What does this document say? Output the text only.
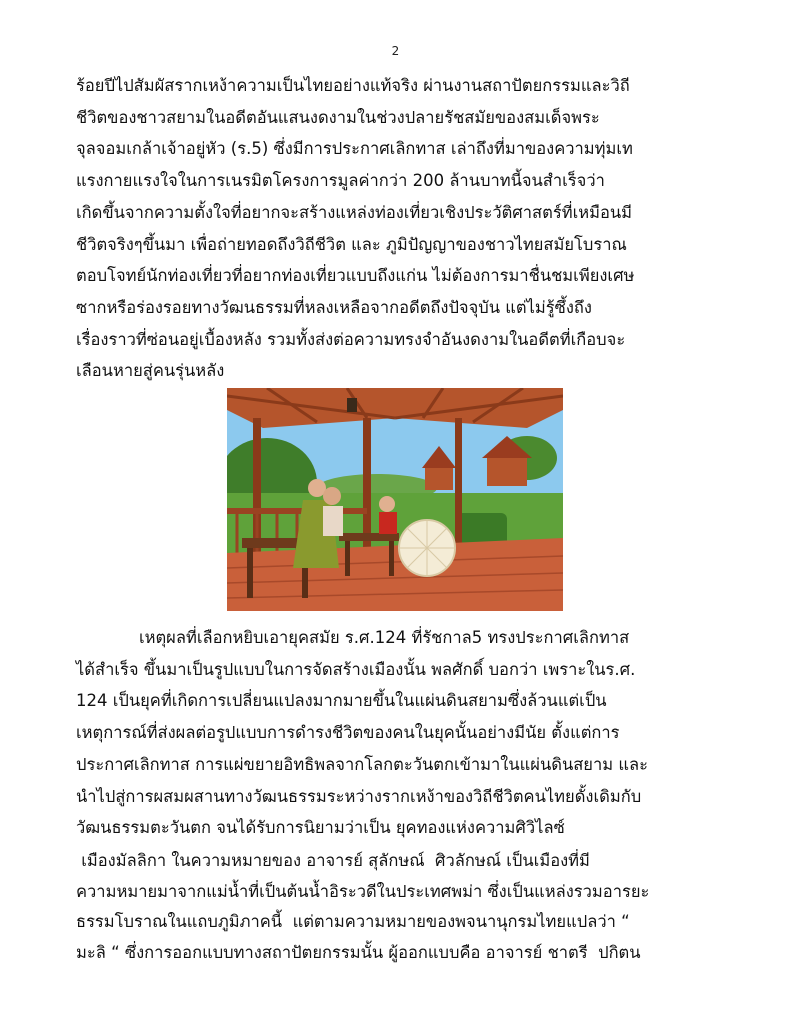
2
ร้อยปีไปสัมผัสรากเหง้าความเป็นไทยอย่างแท้จริง ผ่านงานสถาปัตยกรรมและวิถี
ชีวิตของชาวสยามในอดีตอันแสนงดงามในช่วงปลายรัชสมัยของสมเด็จพระ
จุลจอมเกล้าเจ้าอยู่หัว (ร.5) ซึ่งมีการประกาศเลิกทาส เล่าถึงที่มาของความทุ่มเท
แรงกายแรงใจในการเนรมิตโครงการมูลค่ากว่า 200 ล้านบาทนี้จนสำเร็จว่า
เกิดขึ้นจากความตั้งใจที่อยากจะสร้างแหล่งท่องเที่ยวเชิงประวัติศาสตร์ที่เหมือนมี
ชีวิตจริงๆขึ้นมา เพื่อถ่ายทอดถึงวิถีชีวิต และ ภูมิปัญญาของชาวไทยสมัยโบราณ
ตอบโจทย์นักท่องเที่ยวที่อยากท่องเที่ยวแบบถึงแก่น ไม่ต้องการมาชื่นชมเพียงเศษ
ซากหรือร่องรอยทางวัฒนธรรมที่หลงเหลือจากอดีตถึงปัจจุบัน แต่ไม่รู้ซึ้งถึง
เรื่องราวที่ซ่อนอยู่เบื้องหลัง รวมทั้งส่งต่อความทรงจำอันงดงามในอดีตที่เกือบจะ
เลือนหายสู่คนรุ่นหลัง
เหตุผลที่เลือกหยิบเอายุคสมัย ร.ศ.124 ที่รัชกาล5 ทรงประกาศเลิกทาส
ได้สำเร็จ ขึ้นมาเป็นรูปแบบในการจัดสร้างเมืองนั้น พลศักดิ์ บอกว่า เพราะในร.ศ.
124 เป็นยุคที่เกิดการเปลี่ยนแปลงมากมายขึ้นในแผ่นดินสยามซึ่งล้วนแต่เป็น
เหตุการณ์ที่ส่งผลต่อรูปแบบการดำรงชีวิตของคนในยุคนั้นอย่างมีนัย ตั้งแต่การ
ประกาศเลิกทาส การแผ่ขยายอิทธิพลจากโลกตะวันตกเข้ามาในแผ่นดินสยาม และ
นำไปสู่การผสมผสานทางวัฒนธรรมระหว่างรากเหง้าของวิถีชีวิตคนไทยดั้งเดิมกับ
วัฒนธรรมตะวันตก จนได้รับการนิยามว่าเป็น ยุคทองแห่งความศิวิไลซ์
เมืองมัลลิกา ในความหมายของ อาจารย์ สุลักษณ์  ศิวลักษณ์ เป็นเมืองที่มี
ความหมายมาจากแม่น้ำที่เป็นต้นน้ำอิระวดีในประเทศพม่า ซึ่งเป็นแหล่งรวมอารยะ
ธรรมโบราณในแถบภูมิภาคนี้  แต่ตามความหมายของพจนานุกรมไทยแปลว่า “
มะลิ “ ซึ่งการออกแบบทางสถาปัตยกรรมนั้น ผู้ออกแบบคือ อาจารย์ ชาตรี  ปกิตน
